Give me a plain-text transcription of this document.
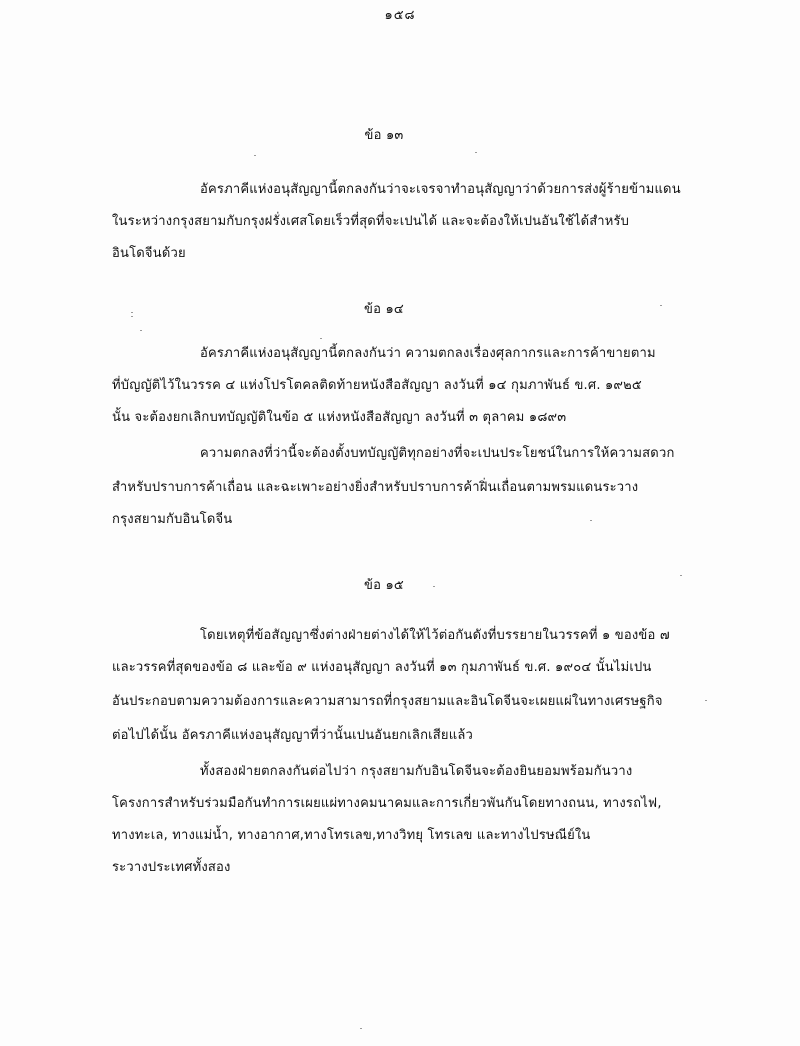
๑๕๘
ข้อ ๑๓
อัครภาคีแห่งอนุสัญญานี้ตกลงกันว่าจะเจรจาทำอนุสัญญาว่าด้วยการส่งผู้ร้ายข้ามแดน
ในระหว่างกรุงสยามกับกรุงฝรั่งเศสโดยเร็วที่สุดที่จะเปนได้ และจะต้องให้เปนอันใช้ได้สำหรับ
อินโดจีนด้วย
ข้อ ๑๔
อัครภาคีแห่งอนุสัญญานี้ตกลงกันว่า ความตกลงเรื่องศุลกากรและการค้าขายตาม
ที่บัญญัติไว้ในวรรค ๔ แห่งโปรโตคลติดท้ายหนังสือสัญญา ลงวันที่ ๑๔ กุมภาพันธ์ ข.ศ. ๑๙๒๕
นั้น จะต้องยกเลิกบทบัญญัติในข้อ ๕ แห่งหนังสือสัญญา ลงวันที่ ๓ ตุลาคม ๑๘๙๓
ความตกลงที่ว่านี้จะต้องตั้งบทบัญญัติทุกอย่างที่จะเปนประโยชน์ในการให้ความสดวก
สำหรับปราบการค้าเถื่อน และฉะเพาะอย่างยิ่งสำหรับปราบการค้าฝิ่นเถื่อนตามพรมแดนระวาง
กรุงสยามกับอินโดจีน
ข้อ ๑๕
โดยเหตุที่ข้อสัญญาซึ่งต่างฝ่ายต่างได้ให้ไว้ต่อกันดังที่บรรยายในวรรคที่ ๑ ของข้อ ๗
และวรรคที่สุดของข้อ ๘ และข้อ ๙ แห่งอนุสัญญา ลงวันที่ ๑๓ กุมภาพันธ์ ข.ศ. ๑๙๐๔ นั้นไม่เปน
อันประกอบตามความต้องการและความสามารถที่กรุงสยามและอินโดจีนจะเผยแผ่ในทางเศรษฐกิจ
ต่อไปได้นั้น อัครภาคีแห่งอนุสัญญาที่ว่านั้นเปนอันยกเลิกเสียแล้ว
ทั้งสองฝ่ายตกลงกันต่อไปว่า กรุงสยามกับอินโดจีนจะต้องยินยอมพร้อมกันวาง
โครงการสำหรับร่วมมือกันทำการเผยแผ่ทางคมนาคมและการเกี่ยวพันกันโดยทางถนน, ทางรถไฟ,
ทางทะเล, ทางแม่น้ำ, ทางอากาศ,ทางโทรเลข,ทางวิทยุ โทรเลข และทางไปรษณีย์ใน
ระวางประเทศทั้งสอง
